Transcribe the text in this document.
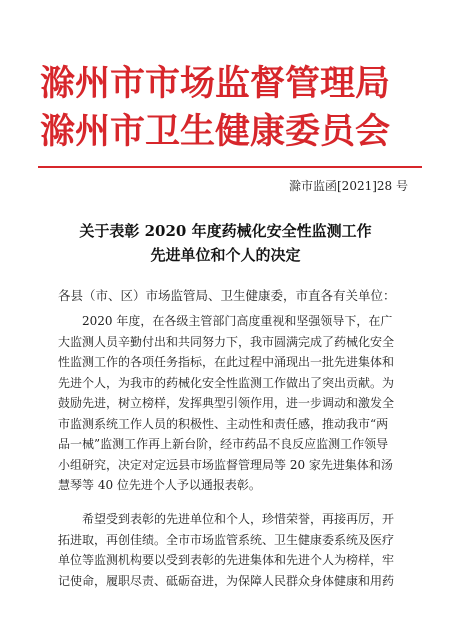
滁州市市场监督管理局
滁州市卫生健康委员会
滁市监函[2021]28 号
关于表彰 2020 年度药械化安全性监测工作
先进单位和个人的决定
各县（市、区）市场监管局、卫生健康委，市直各有关单位：
2020 年度，在各级主管部门高度重视和坚强领导下，在广
大监测人员辛勤付出和共同努力下，我市圆满完成了药械化安全
性监测工作的各项任务指标，在此过程中涌现出一批先进集体和
先进个人，为我市的药械化安全性监测工作做出了突出贡献。为
鼓励先进，树立榜样，发挥典型引领作用，进一步调动和激发全
市监测系统工作人员的积极性、主动性和责任感，推动我市“两
品一械”监测工作再上新台阶，经市药品不良反应监测工作领导
小组研究，决定对定远县市场监督管理局等 20 家先进集体和汤
慧琴等 40 位先进个人予以通报表彰。
希望受到表彰的先进单位和个人，珍惜荣誉，再接再厉，开
拓进取，再创佳绩。全市市场监管系统、卫生健康委系统及医疗
单位等监测机构要以受到表彰的先进集体和先进个人为榜样，牢
记使命，履职尽责、砥砺奋进，为保障人民群众身体健康和用药
